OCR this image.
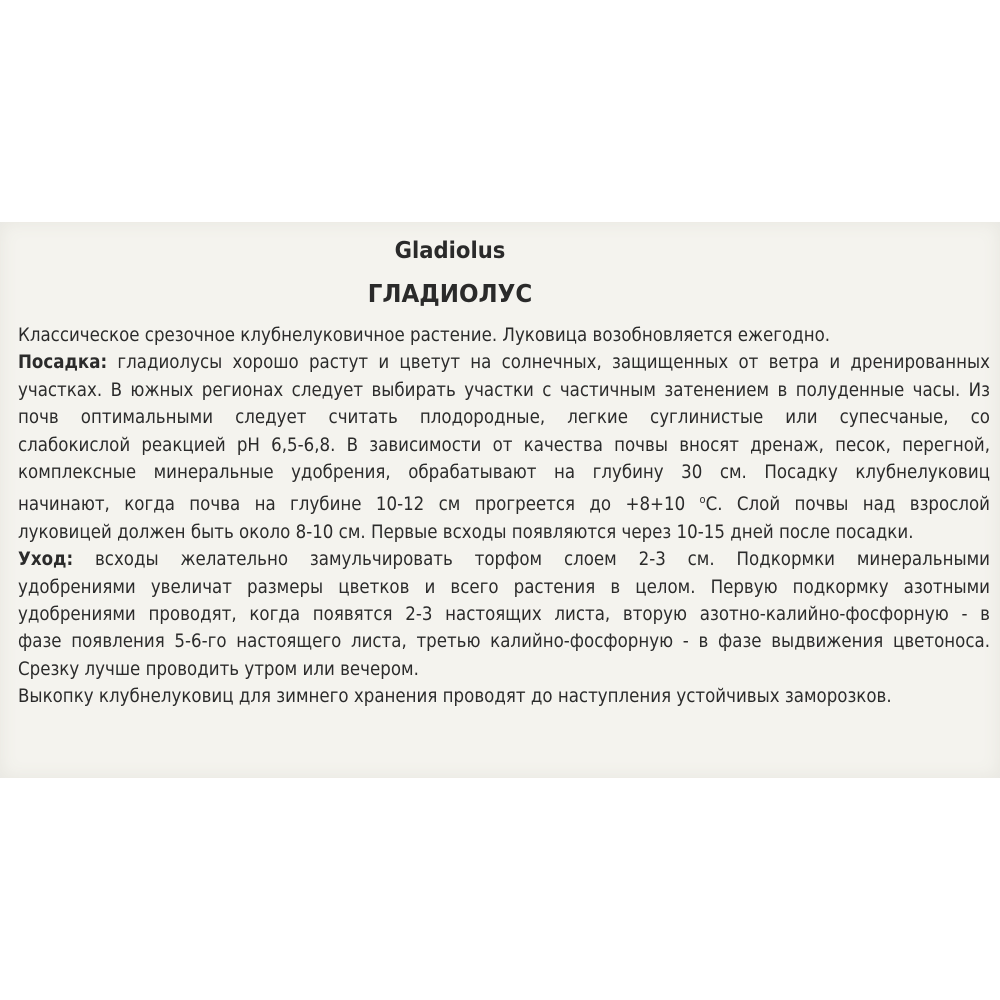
Gladiolus
ГЛАДИОЛУС
Классическое срезочное клубнелуковичное растение. Луковица возобновляется ежегодно.
Посадка: гладиолусы хорошо растут и цветут на солнечных, защищенных от ветра и дренированных
участках. В южных регионах следует выбирать участки с частичным затенением в полуденные часы. Из
почв оптимальными следует считать плодородные, легкие суглинистые или супесчаные, со
слабокислой реакцией pH 6,5-6,8. В зависимости от качества почвы вносят дренаж, песок, перегной,
комплексные минеральные удобрения, обрабатывают на глубину 30 см. Посадку клубнелуковиц
начинают, когда почва на глубине 10-12 см прогреется до +8+10 $^о$С. Слой почвы над взрослой
луковицей должен быть около 8-10 см. Первые всходы появляются через 10-15 дней после посадки.
Уход: всходы желательно замульчировать торфом слоем 2-3 см. Подкормки минеральными
удобрениями увеличат размеры цветков и всего растения в целом. Первую подкормку азотными
удобрениями проводят, когда появятся 2-3 настоящих листа, вторую азотно-калийно-фосфорную - в
фазе появления 5-6-го настоящего листа, третью калийно-фосфорную - в фазе выдвижения цветоноса.
Срезку лучше проводить утром или вечером.
Выкопку клубнелуковиц для зимнего хранения проводят до наступления устойчивых заморозков.
